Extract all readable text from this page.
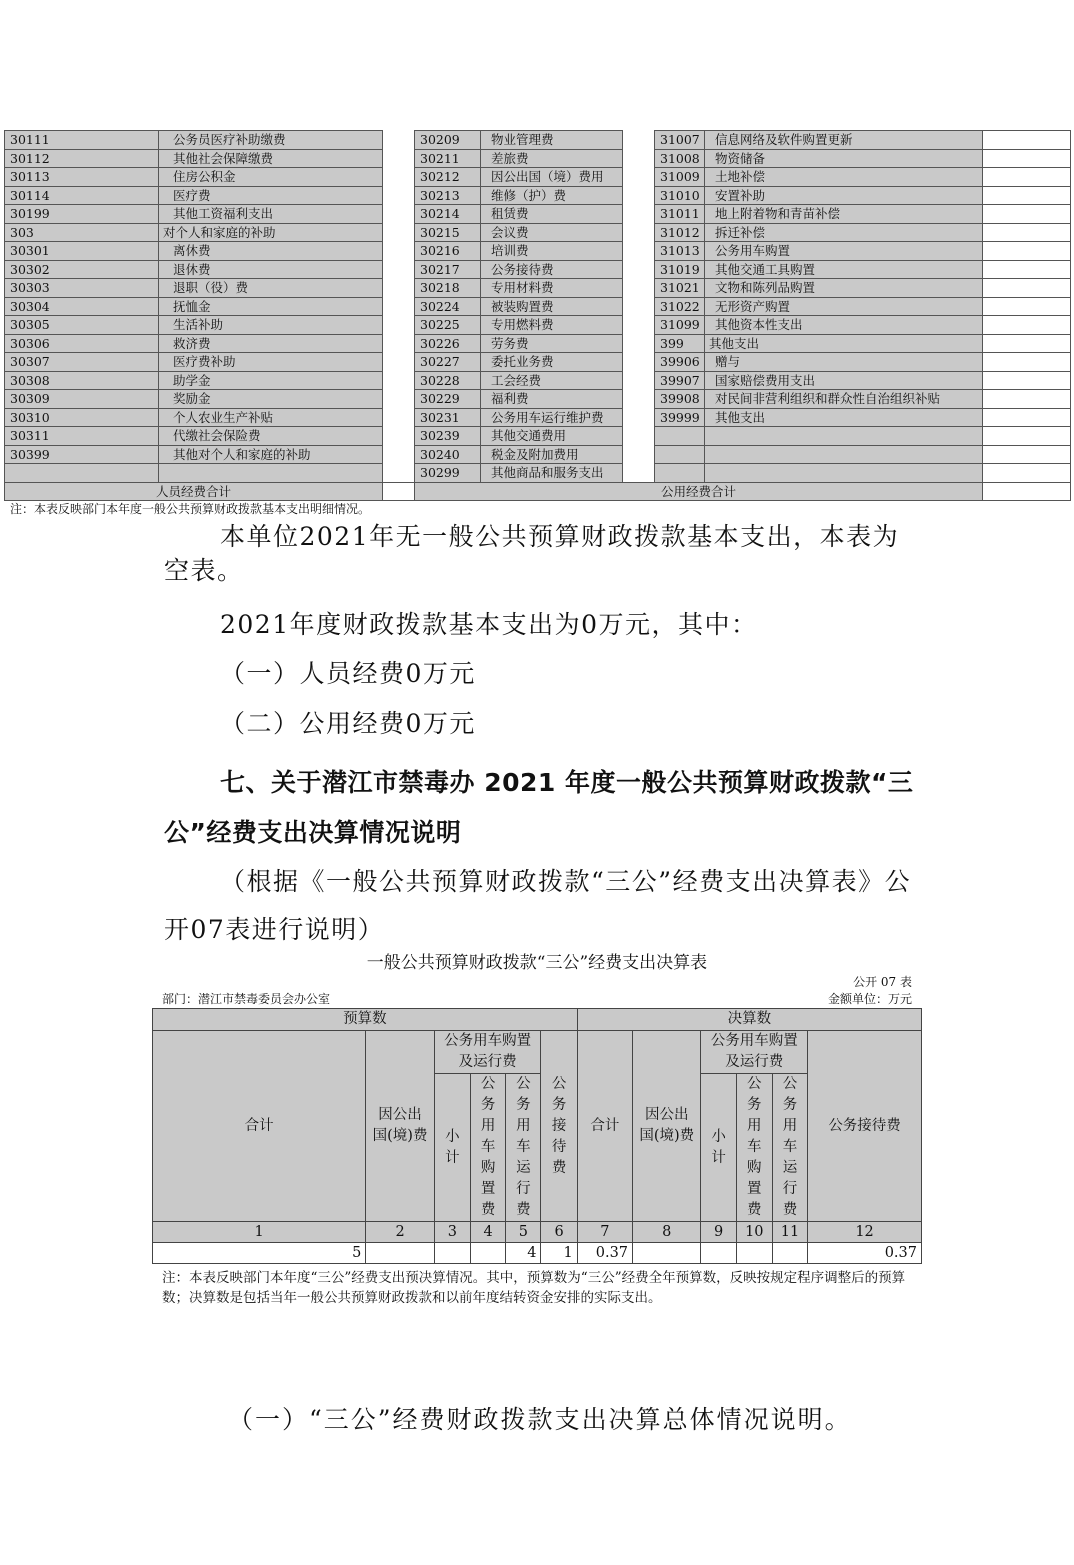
30111	公务员医疗补助缴费		30209	物业管理费		31007	信息网络及软件购置更新	
30112	其他社会保障缴费		30211	差旅费		31008	物资储备	
30113	住房公积金		30212	因公出国（境）费用		31009	土地补偿	
30114	医疗费		30213	维修（护）费		31010	安置补助	
30199	其他工资福利支出		30214	租赁费		31011	地上附着物和青苗补偿	
303	对个人和家庭的补助		30215	会议费		31012	拆迁补偿	
30301	离休费		30216	培训费		31013	公务用车购置	
30302	退休费		30217	公务接待费		31019	其他交通工具购置	
30303	退职（役）费		30218	专用材料费		31021	文物和陈列品购置	
30304	抚恤金		30224	被装购置费		31022	无形资产购置	
30305	生活补助		30225	专用燃料费		31099	其他资本性支出	
30306	救济费		30226	劳务费		399	其他支出	
30307	医疗费补助		30227	委托业务费		39906	赠与	
30308	助学金		30228	工会经费		39907	国家赔偿费用支出	
30309	奖励金		30229	福利费		39908	对民间非营利组织和群众性自治组织补贴	
30310	个人农业生产补贴		30231	公务用车运行维护费		39999	其他支出	
30311	代缴社会保险费		30239	其他交通费用				
30399	其他对个人和家庭的补助		30240	税金及附加费用				
			30299	其他商品和服务支出				
人员经费合计			公用经费合计					
注：本表反映部门本年度一般公共预算财政拨款基本支出明细情况。
本单位2021年无一般公共预算财政拨款基本支出，本表为空表。
2021年度财政拨款基本支出为0万元，其中：
（一）人员经费0万元
（二）公用经费0万元
七、关于潜江市禁毒办 2021 年度一般公共预算财政拨款“三公”经费支出决算情况说明
（根据《一般公共预算财政拨款“三公”经费支出决算表》公开07表进行说明）
一般公共预算财政拨款“三公”经费支出决算表
公开 07 表
部门：潜江市禁毒委员会办公室	金额单位：万元
预算数						决算数					
合计	因公出国(境)费	公务用车购置及运行费			公务接待费	合计	因公出国(境)费	公务用车购置及运行费			公务接待费
		小计	公务用车购置费	公务用车运行费				小计	公务用车购置费	公务用车运行费	
1	2	3	4	5	6	7	8	9	10	11	12
5				4	1	0.37					0.37
注：本表反映部门本年度“三公”经费支出预决算情况。其中，预算数为“三公”经费全年预算数，反映按规定程序调整后的预算数；决算数是包括当年一般公共预算财政拨款和以前年度结转资金安排的实际支出。
（一）“三公”经费财政拨款支出决算总体情况说明。
